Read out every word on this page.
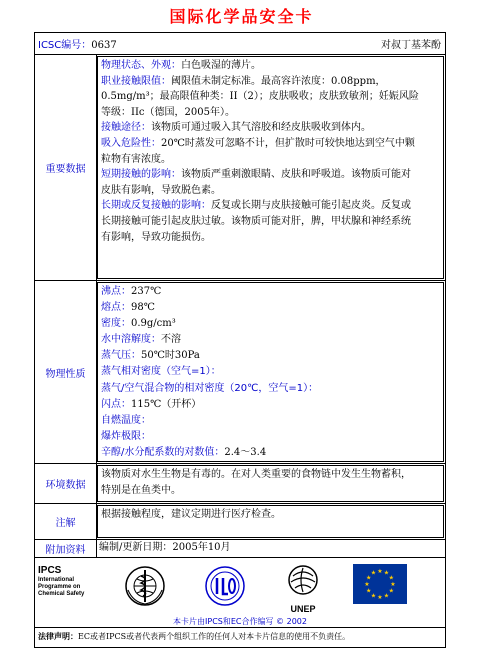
国际化学品安全卡
ICSC编号：0637	对叔丁基苯酚
重要数据
物理状态、外观：白色吸湿的薄片。
职业接触限值：阈限值未制定标准。最高容许浓度：0.08ppm，
0.5mg/m³；最高限值种类：II（2）；皮肤吸收；皮肤致敏剂；妊娠风险
等级：IIc（德国，2005年）。
接触途径：该物质可通过吸入其气溶胶和经皮肤吸收到体内。
吸入危险性：20℃时蒸发可忽略不计，但扩散时可较快地达到空气中颗
粒物有害浓度。
短期接触的影响：该物质严重刺激眼睛、皮肤和呼吸道。该物质可能对
皮肤有影响，导致脱色素。
长期或反复接触的影响：反复或长期与皮肤接触可能引起皮炎。反复或
长期接触可能引起皮肤过敏。该物质可能对肝，脾，甲状腺和神经系统
有影响，导致功能损伤。
物理性质
沸点：237℃
熔点：98℃
密度：0.9g/cm³
水中溶解度：不溶
蒸气压：50℃时30Pa
蒸气相对密度（空气=1）：
蒸气/空气混合物的相对密度（20℃，空气=1）：
闪点：115℃（开杯）
自燃温度：
爆炸极限：
辛醇/水分配系数的对数值：2.4～3.4
环境数据
该物质对水生生物是有毒的。在对人类重要的食物链中发生生物蓄积，
特别是在鱼类中。
注解
根据接触程度，建议定期进行医疗检查。
附加资料	编制/更新日期：2005年10月
IPCS
International
Programme on
Chemical Safety
UNEP
★
★
★
★
★
★
★
★
★ ★ ★
★
本卡片由IPCS和EC合作编写 © 2002
法律声明：EC或者IPCS或者代表两个组织工作的任何人对本卡片信息的使用不负责任。
